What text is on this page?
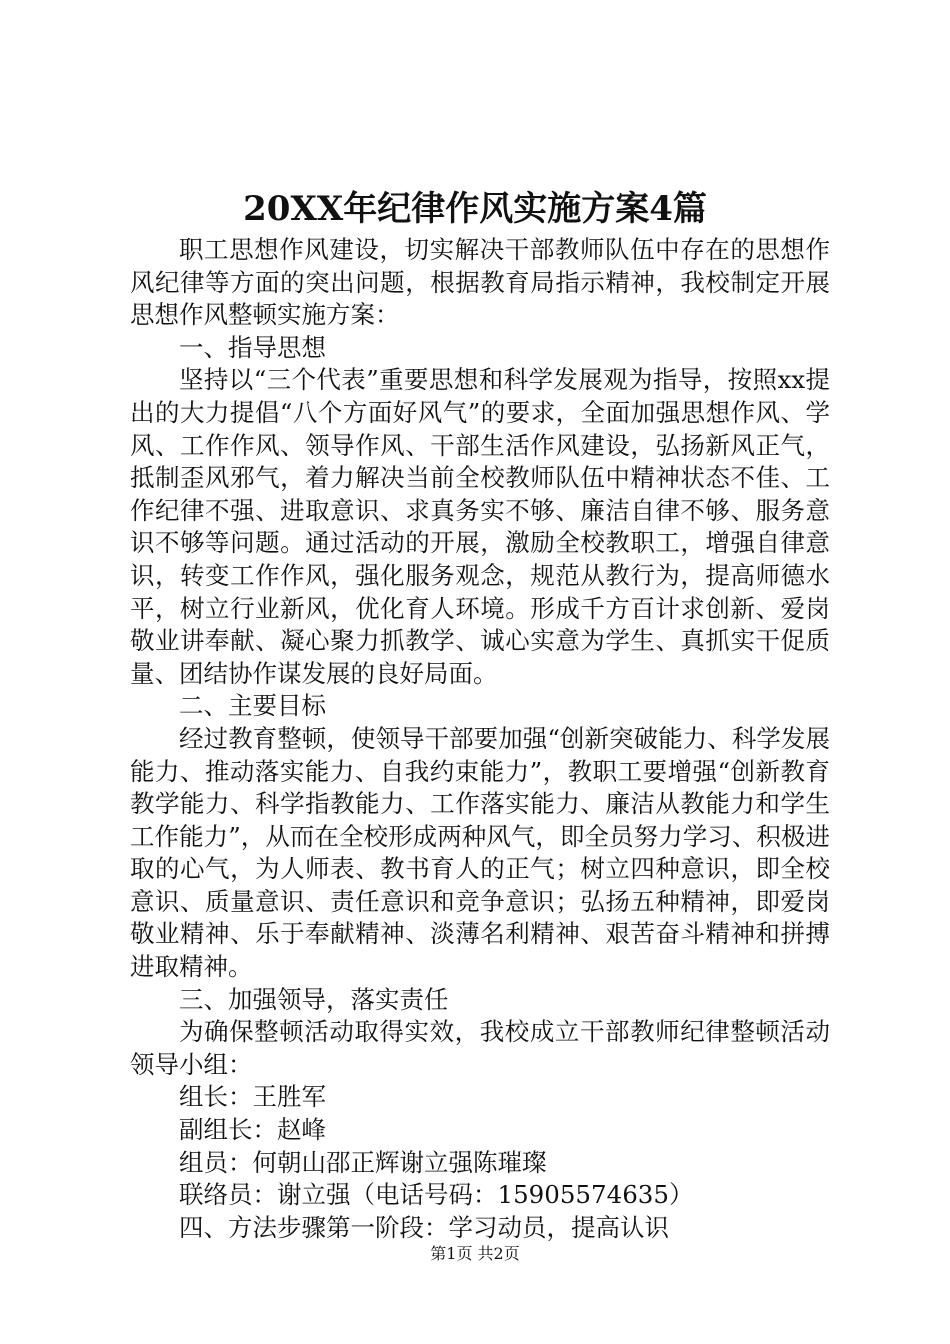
20XX年纪律作风实施方案4篇

职工思想作风建设，切实解决干部教师队伍中存在的思想作风纪律等方面的突出问题，根据教育局指示精神，我校制定开展思想作风整顿实施方案：

一、指导思想

坚持以“三个代表”重要思想和科学发展观为指导，按照xx提出的大力提倡“八个方面好风气”的要求，全面加强思想作风、学风、工作作风、领导作风、干部生活作风建设，弘扬新风正气，抵制歪风邪气，着力解决当前全校教师队伍中精神状态不佳、工作纪律不强、进取意识、求真务实不够、廉洁自律不够、服务意识不够等问题。通过活动的开展，激励全校教职工，增强自律意识，转变工作作风，强化服务观念，规范从教行为，提高师德水平，树立行业新风，优化育人环境。形成千方百计求创新、爱岗敬业讲奉献、凝心聚力抓教学、诚心实意为学生、真抓实干促质量、团结协作谋发展的良好局面。

二、主要目标

经过教育整顿，使领导干部要加强“创新突破能力、科学发展能力、推动落实能力、自我约束能力”，教职工要增强“创新教育教学能力、科学指教能力、工作落实能力、廉洁从教能力和学生工作能力”，从而在全校形成两种风气，即全员努力学习、积极进取的心气，为人师表、教书育人的正气；树立四种意识，即全校意识、质量意识、责任意识和竞争意识；弘扬五种精神，即爱岗敬业精神、乐于奉献精神、淡薄名利精神、艰苦奋斗精神和拼搏进取精神。

三、加强领导，落实责任

为确保整顿活动取得实效，我校成立干部教师纪律整顿活动领导小组：

组长：王胜军

副组长：赵峰

组员：何朝山邵正辉谢立强陈璀璨

联络员：谢立强（电话号码：15905574635）

四、方法步骤第一阶段：学习动员，提高认识

第1页 共2页
